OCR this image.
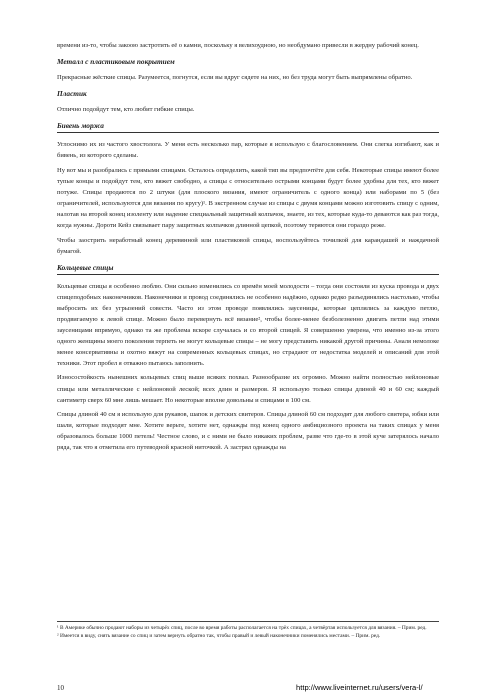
времени из-то, чтобы закоою застротить её о камни, поскольку я велихоудною, но необдумано привесли в жердну рабочий конец.

Металл с пластиковым покрытием

Прекрасные жёсткие спицы. Разумеется, погнутся, если вы вдруг сядете на них, но без труда могут быть выпрямлены обратно.

Пластик

Отлично подойдут тем, кто любит гибкие спицы.

Бивень моржа

Углоснимо их из частого хвостолога. У меня есть несколько пар, которые я использую с благословением. Они слегка изгибают, как и бивень, из которого сделаны.

Ну вот мы и разобрались с прямыми спицами. Осталось определить, какой тип вы предпочтёте для себя. Некоторые спицы имеют более тупые концы и подойдут тем, кто вяжет свободно, а спицы с относительно острыми концами будут более удобны для тех, кто вяжет потуже. Спицы продаются по 2 штуки (для плоского вязания, имеют ограничитель с одного конца) или наборами по 5 (без ограничителей, используются для вязания по кругу)¹. В экстренном случае из спицы с двумя концами можно изготовить спицу с одним, налотав на второй конец изоленту или надение специальный защитный колпачок, знаете, из тех, которые куда-то деваются как раз тогда, когда нужны. Дороти Кейз связывает пару защитных колпачков длинной цепкой, поэтому теряются они гораздо реже.

Чтобы заострить неработный конец деревянной или пластиковой спицы, воспользуйтесь точилкой для карандашей и наждачной бумагой.

Кольцевые спицы

Кольцевые спицы я особенно люблю. Они сильно изменились со времён моей молодости – тогда они состояли из куска провода и двух спицеподобных наконечников. Наконечники и провод соединялись не особенно надёжно, однако редко разъединялись настолько, чтобы выбросить их без угрызений совести. Часто из этом проводе появлялись заусеницы, которые цеплялись за каждую петлю, продвигаемую к левой спице. Можно было перевернуть всё вязание², чтобы более-менее безболезненно двигать петли над этими заусеницами впрямую, однако та же проблема вскоре случалась и со второй спицей. Я совершенно уверена, что именно из-за этого одного женщины моего поколения терпеть не могут кольцевые спицы – не могу представить никакой другой причины. Аналя немолоке менее консервативны и охотно вяжут на современных кольцевых спицах, но страдают от недостатка моделей и описаний для этой техники. Этот пробел я отважно пытаюсь заполнить.

Износостойкость нынешних кольцевых спиц выше всяких похвал. Разнообразие их огромно. Можно найти полностью нейлоновые спицы или металлические с нейлоновой леской; всех длин и размеров. Я использую только спицы длиной 40 и 60 см; каждый сантиметр сверх 60 мне лишь мешает. Но некоторые вполне довольны и спицами в 100 см.

Спицы длиной 40 см я использую для рукавов, шапок и детских свитеров. Спицы длиной 60 см подходят для любого свитера, юбки или шали, которые подходят мне. Хотите верьте, хотите нет, однажды под конец одного амбициозного проекта на таких спицах у меня образовалось больше 1000 петель! Честное слово, и с ними не было никаких проблем, разве что где-то в этой куче затерялось начало ряда, так что я отметила его путеводной красной ниточкой. А застрял однажды на

¹ В Америке обычно продают наборы из четырёх спиц, после во время работы располагается на трёх спицах, а четвёртая используется для вязания. – Прим. ред.

² Имеется в виду, снять вязание со спиц и затем вернуть обратно так, чтобы правый и левый наконечники поменялись местами. – Прим. ред.

10	http://www.liveinternet.ru/users/vera-l/
